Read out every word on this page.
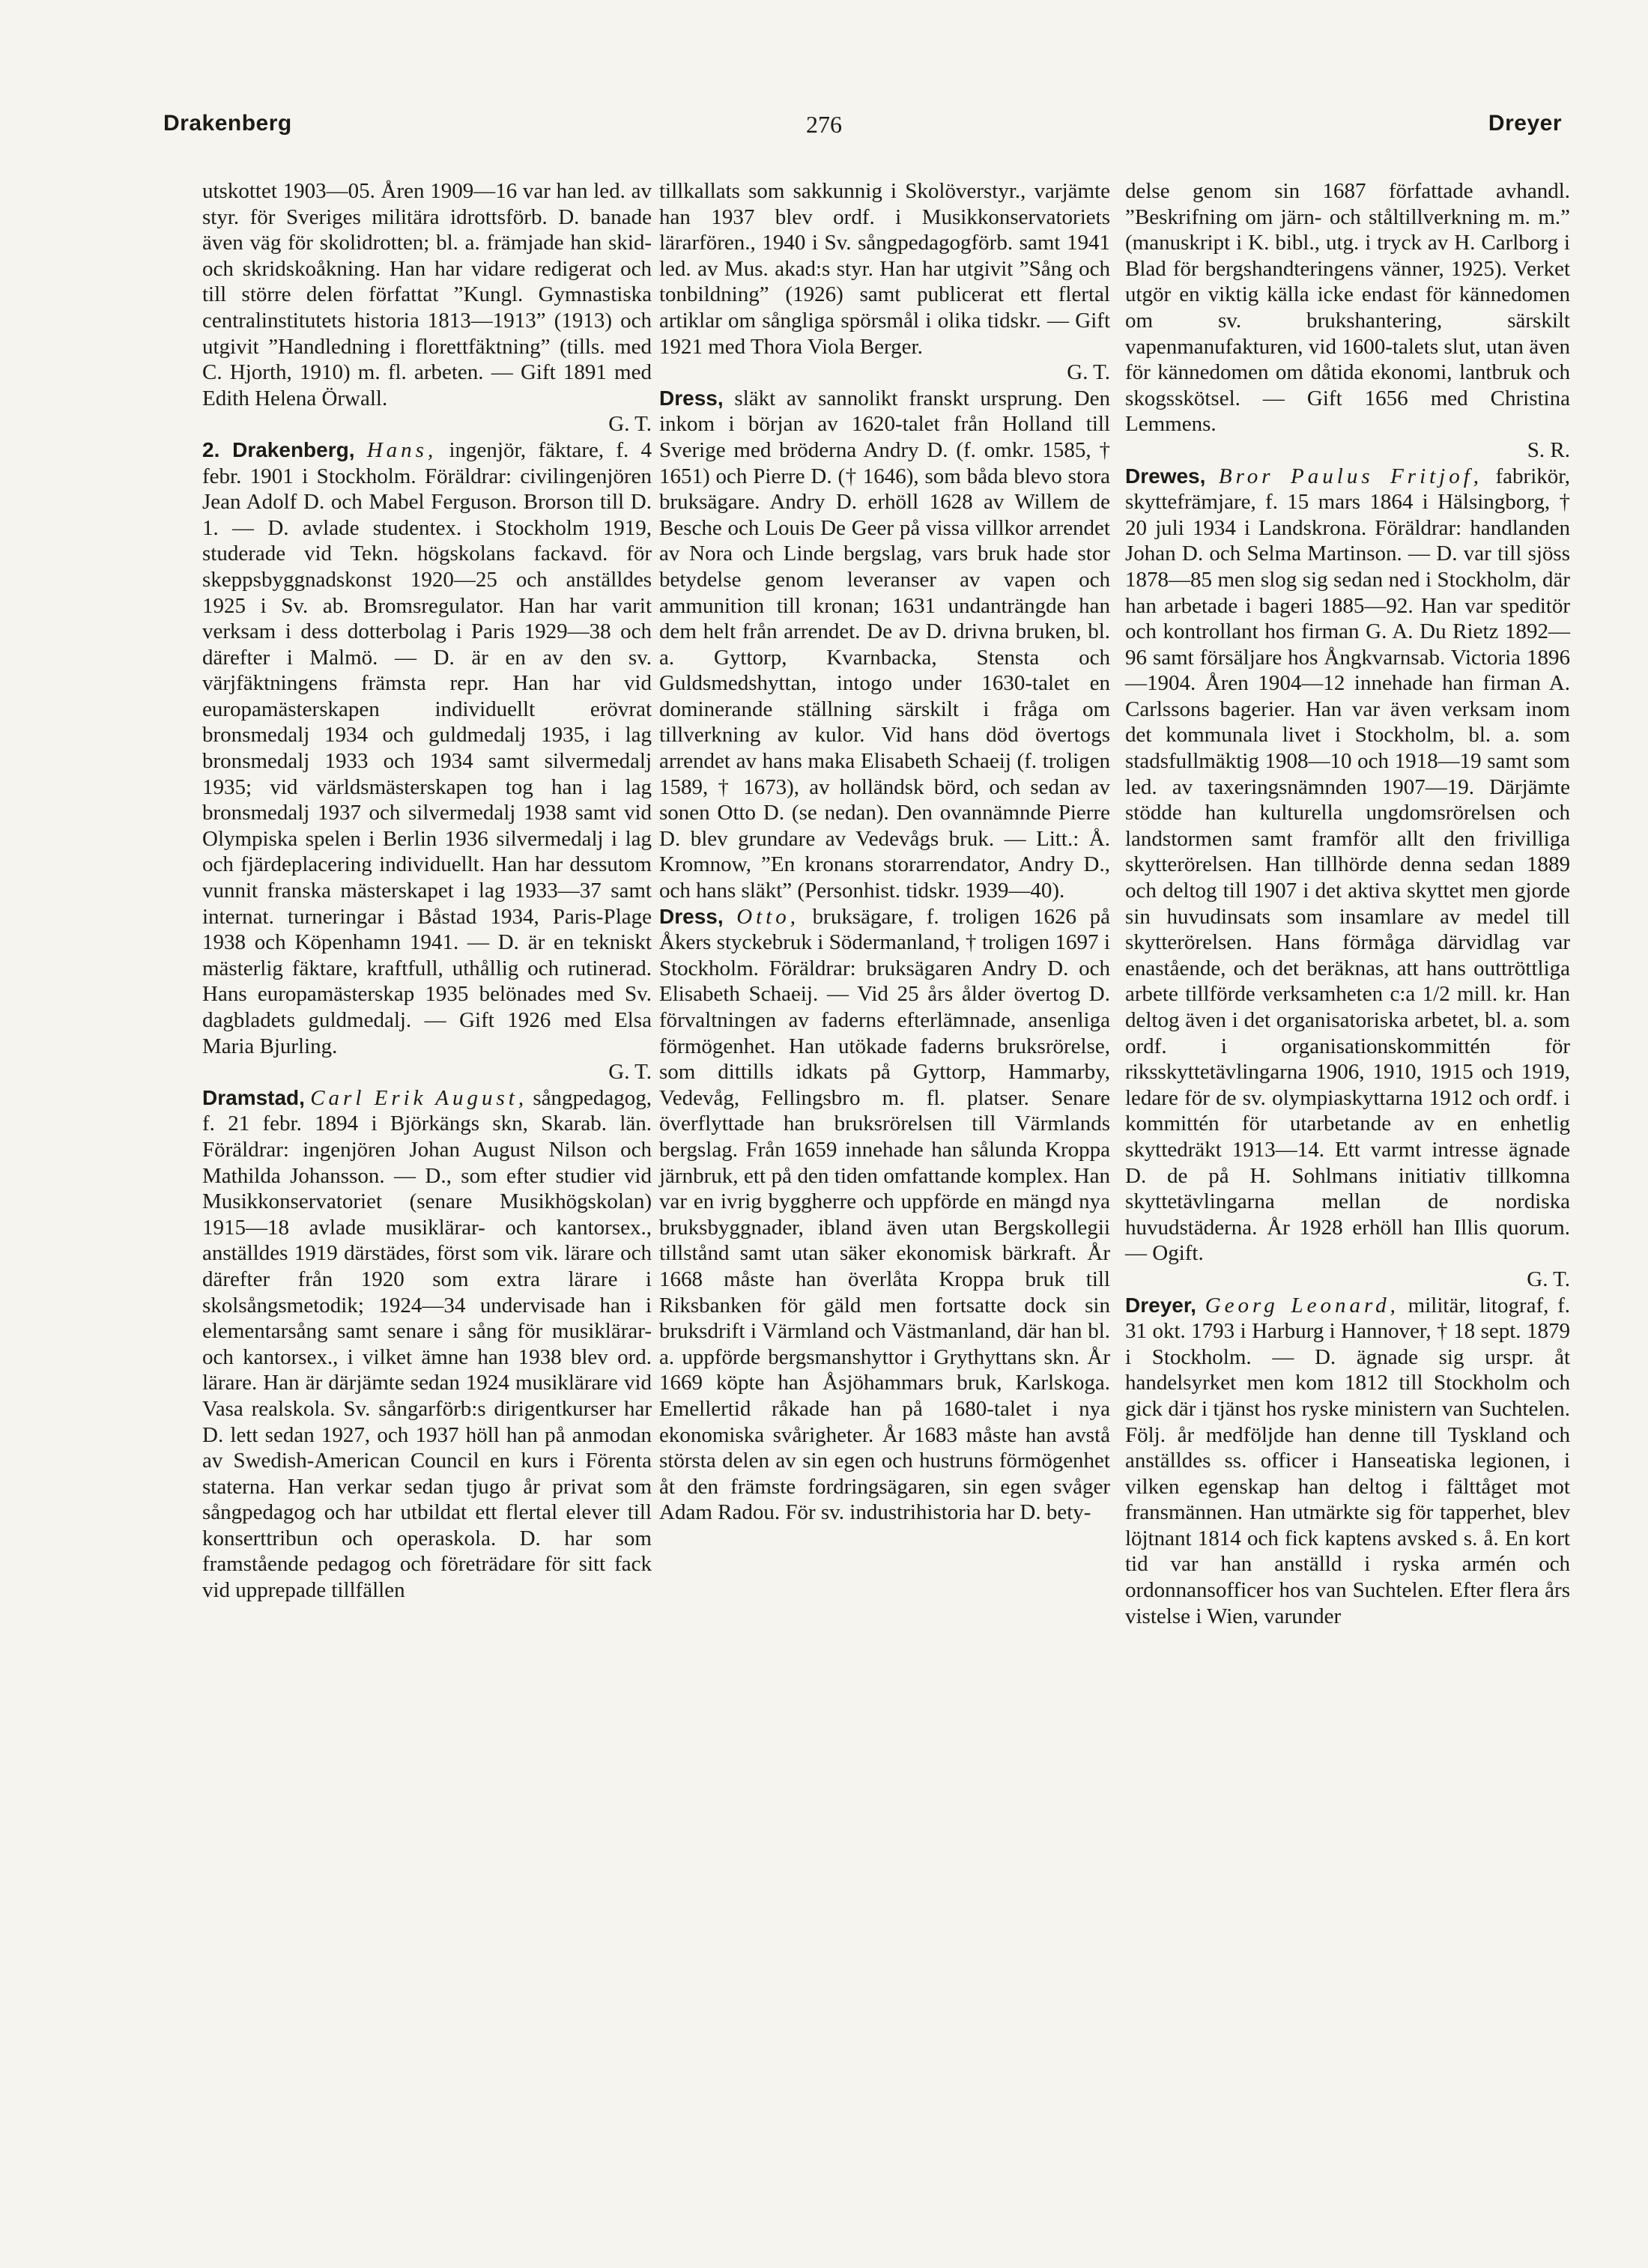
Drakenberg	276	Dreyer

utskottet 1903—05. Åren 1909—16 var han led. av styr. för Sveriges militära idrottsförb. D. banade även väg för skolidrotten; bl. a. främjade han skid- och skridskoåkning. Han har vidare redigerat och till större delen författat ”Kungl. Gymnastiska centralinstitutets historia 1813—1913” (1913) och utgivit ”Handledning i florettfäktning” (tills. med C. Hjorth, 1910) m. fl. arbeten. — Gift 1891 med Edith Helena Örwall.
G. T.

2. Drakenberg, Hans, ingenjör, fäktare, f. 4 febr. 1901 i Stockholm. Föräldrar: civilingenjören Jean Adolf D. och Mabel Ferguson. Brorson till D. 1. — D. avlade studentex. i Stockholm 1919, studerade vid Tekn. högskolans fackavd. för skeppsbyggnadskonst 1920—25 och anställdes 1925 i Sv. ab. Bromsregulator. Han har varit verksam i dess dotterbolag i Paris 1929—38 och därefter i Malmö. — D. är en av den sv. värjfäktningens främsta repr. Han har vid europamästerskapen individuellt erövrat bronsmedalj 1934 och guldmedalj 1935, i lag bronsmedalj 1933 och 1934 samt silvermedalj 1935; vid världsmästerskapen tog han i lag bronsmedalj 1937 och silvermedalj 1938 samt vid Olympiska spelen i Berlin 1936 silvermedalj i lag och fjärdeplacering individuellt. Han har dessutom vunnit franska mästerskapet i lag 1933—37 samt internat. turneringar i Båstad 1934, Paris-Plage 1938 och Köpenhamn 1941. — D. är en tekniskt mästerlig fäktare, kraftfull, uthållig och rutinerad. Hans europamästerskap 1935 belönades med Sv. dagbladets guldmedalj. — Gift 1926 med Elsa Maria Bjurling.
G. T.

Dramstad, Carl Erik August, sångpedagog, f. 21 febr. 1894 i Björkängs skn, Skarab. län. Föräldrar: ingenjören Johan August Nilson och Mathilda Johansson. — D., som efter studier vid Musikkonservatoriet (senare Musikhögskolan) 1915—18 avlade musiklärar- och kantorsex., anställdes 1919 därstädes, först som vik. lärare och därefter från 1920 som extra lärare i skolsångsmetodik; 1924—34 undervisade han i elementarsång samt senare i sång för musiklärar- och kantorsex., i vilket ämne han 1938 blev ord. lärare. Han är därjämte sedan 1924 musiklärare vid Vasa realskola. Sv. sångarförb:s dirigentkurser har D. lett sedan 1927, och 1937 höll han på anmodan av Swedish-American Council en kurs i Förenta staterna. Han verkar sedan tjugo år privat som sångpedagog och har utbildat ett flertal elever till konserttribun och operaskola. D. har som framstående pedagog och företrädare för sitt fack vid upprepade tillfällen

tillkallats som sakkunnig i Skolöverstyr., varjämte han 1937 blev ordf. i Musikkonservatoriets lärarfören., 1940 i Sv. sångpedagogförb. samt 1941 led. av Mus. akad:s styr. Han har utgivit ”Sång och tonbildning” (1926) samt publicerat ett flertal artiklar om sångliga spörsmål i olika tidskr. — Gift 1921 med Thora Viola Berger.
G. T.

Dress, släkt av sannolikt franskt ursprung. Den inkom i början av 1620-talet från Holland till Sverige med bröderna Andry D. (f. omkr. 1585, † 1651) och Pierre D. († 1646), som båda blevo stora bruksägare. Andry D. erhöll 1628 av Willem de Besche och Louis De Geer på vissa villkor arrendet av Nora och Linde bergslag, vars bruk hade stor betydelse genom leveranser av vapen och ammunition till kronan; 1631 undanträngde han dem helt från arrendet. De av D. drivna bruken, bl. a. Gyttorp, Kvarnbacka, Stensta och Guldsmedshyttan, intogo under 1630-talet en dominerande ställning särskilt i fråga om tillverkning av kulor. Vid hans död övertogs arrendet av hans maka Elisabeth Schaeij (f. troligen 1589, † 1673), av holländsk börd, och sedan av sonen Otto D. (se nedan). Den ovannämnde Pierre D. blev grundare av Vedevågs bruk. — Litt.: Å. Kromnow, ”En kronans storarrendator, Andry D., och hans släkt” (Personhist. tidskr. 1939—40).

Dress, Otto, bruksägare, f. troligen 1626 på Åkers styckebruk i Södermanland, † troligen 1697 i Stockholm. Föräldrar: bruksägaren Andry D. och Elisabeth Schaeij. — Vid 25 års ålder övertog D. förvaltningen av faderns efterlämnade, ansenliga förmögenhet. Han utökade faderns bruksrörelse, som dittills idkats på Gyttorp, Hammarby, Vedevåg, Fellingsbro m. fl. platser. Senare överflyttade han bruksrörelsen till Värmlands bergslag. Från 1659 innehade han sålunda Kroppa järnbruk, ett på den tiden omfattande komplex. Han var en ivrig byggherre och uppförde en mängd nya bruksbyggnader, ibland även utan Bergskollegii tillstånd samt utan säker ekonomisk bärkraft. År 1668 måste han överlåta Kroppa bruk till Riksbanken för gäld men fortsatte dock sin bruksdrift i Värmland och Västmanland, där han bl. a. uppförde bergsmanshyttor i Grythyttans skn. År 1669 köpte han Åsjöhammars bruk, Karlskoga. Emellertid råkade han på 1680-talet i nya ekonomiska svårigheter. År 1683 måste han avstå största delen av sin egen och hustruns förmögenhet åt den främste fordringsägaren, sin egen svåger Adam Radou. För sv. industrihistoria har D. bety-

delse genom sin 1687 författade avhandl. ”Beskrifning om järn- och ståltillverkning m. m.” (manuskript i K. bibl., utg. i tryck av H. Carlborg i Blad för bergshandteringens vänner, 1925). Verket utgör en viktig källa icke endast för kännedomen om sv. brukshantering, särskilt vapenmanufakturen, vid 1600-talets slut, utan även för kännedomen om dåtida ekonomi, lantbruk och skogsskötsel. — Gift 1656 med Christina Lemmens.
S. R.

Drewes, Bror Paulus Fritjof, fabrikör, skyttefrämjare, f. 15 mars 1864 i Hälsingborg, † 20 juli 1934 i Landskrona. Föräldrar: handlanden Johan D. och Selma Martinson. — D. var till sjöss 1878—85 men slog sig sedan ned i Stockholm, där han arbetade i bageri 1885—92. Han var speditör och kontrollant hos firman G. A. Du Rietz 1892—96 samt försäljare hos Ångkvarnsab. Victoria 1896—1904. Åren 1904—12 innehade han firman A. Carlssons bagerier. Han var även verksam inom det kommunala livet i Stockholm, bl. a. som stadsfullmäktig 1908—10 och 1918—19 samt som led. av taxeringsnämnden 1907—19. Därjämte stödde han kulturella ungdomsrörelsen och landstormen samt framför allt den frivilliga skytterörelsen. Han tillhörde denna sedan 1889 och deltog till 1907 i det aktiva skyttet men gjorde sin huvudinsats som insamlare av medel till skytterörelsen. Hans förmåga därvidlag var enastående, och det beräknas, att hans outtröttliga arbete tillförde verksamheten c:a 1/2 mill. kr. Han deltog även i det organisatoriska arbetet, bl. a. som ordf. i organisationskommittén för riksskyttetävlingarna 1906, 1910, 1915 och 1919, ledare för de sv. olympiaskyttarna 1912 och ordf. i kommittén för utarbetande av en enhetlig skyttedräkt 1913—14. Ett varmt intresse ägnade D. de på H. Sohlmans initiativ tillkomna skyttetävlingarna mellan de nordiska huvudstäderna. År 1928 erhöll han Illis quorum. — Ogift.
G. T.

Dreyer, Georg Leonard, militär, litograf, f. 31 okt. 1793 i Harburg i Hannover, † 18 sept. 1879 i Stockholm. — D. ägnade sig urspr. åt handelsyrket men kom 1812 till Stockholm och gick där i tjänst hos ryske ministern van Suchtelen. Följ. år medföljde han denne till Tyskland och anställdes ss. officer i Hanseatiska legionen, i vilken egenskap han deltog i fälttåget mot fransmännen. Han utmärkte sig för tapperhet, blev löjtnant 1814 och fick kaptens avsked s. å. En kort tid var han anställd i ryska armén och ordonnansofficer hos van Suchtelen. Efter flera års vistelse i Wien, varunder
